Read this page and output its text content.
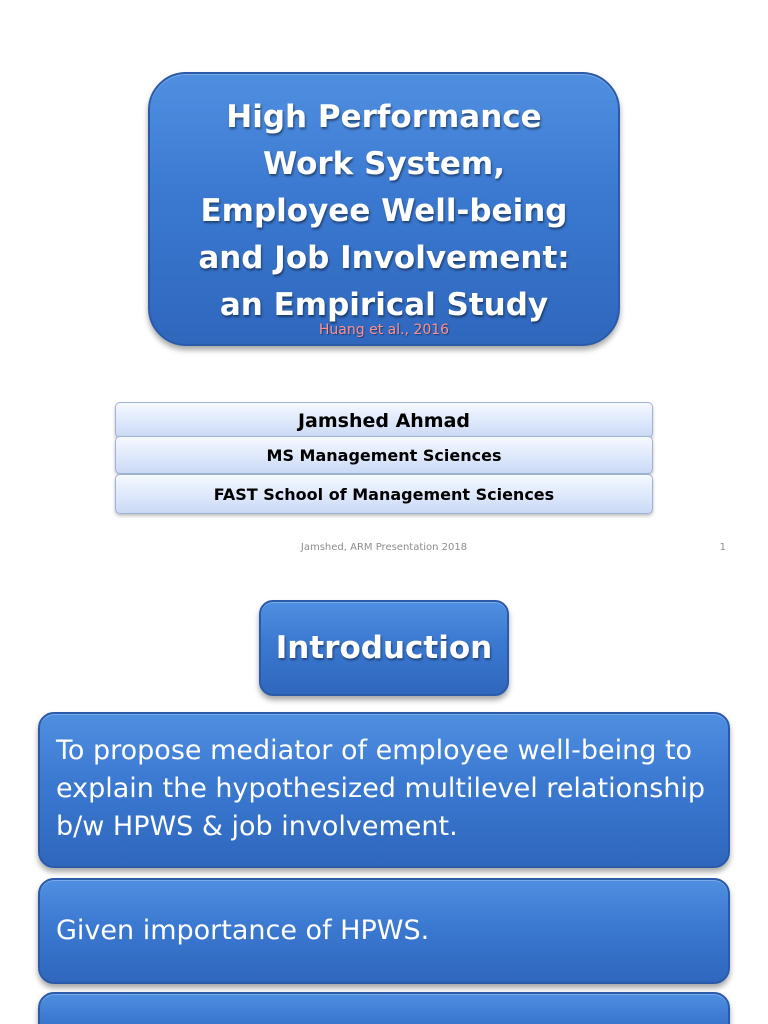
High Performance
Work System,
Employee Well-being
and Job Involvement:
an Empirical Study
Huang et al., 2016
Jamshed Ahmad
MS Management Sciences
FAST School of Management Sciences
Jamshed, ARM Presentation 2018	1
Introduction
To propose mediator of employee well-being to explain the hypothesized multilevel relationship b/w HPWS & job involvement.
Given importance of HPWS.
